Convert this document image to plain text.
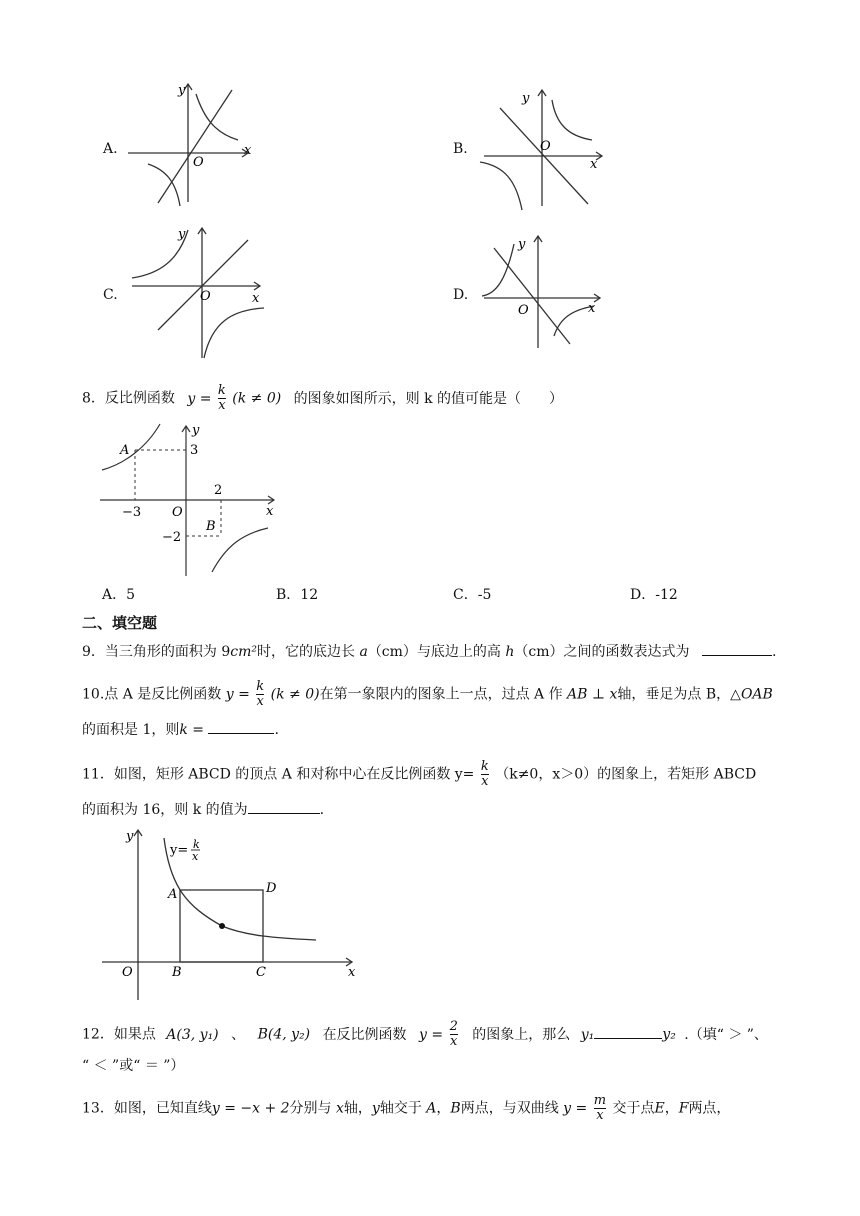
A.
y
x
O
B.
y
x
O
C.
y
x
O	D.
y
x
O
8．反比例函数 $y = \frac{k}{x} (k \ne 0)$ 的图象如图所示，则 k 的值可能是（　　）
A	3
2
−3 O	x
y
B
−2
A．5	B．12	C．-5	D．-12
二、填空题
9．当三角形的面积为 9cm²时，它的底边长 a（cm）与底边上的高 h（cm）之间的函数表达式为	.
10.点 A 是反比例函数 $y = \frac{k}{x} (k \ne 0)$在第一象限内的图象上一点，过点 A 作 AB ⊥ x轴，垂足为点 B，△OAB
的面积是 1，则k =	.
11．如图，矩形 ABCD 的顶点 A 和对称中心在反比例函数 $y= \frac{k}{x} (k\ne 0$，x＞0）的图象上，若矩形 ABCD
的面积为 16，则 k 的值为	.
y
x
O
y= k
x
A	D
B	C
12．如果点 A(3, y₁) 、 B(4, y₂) 在反比例函数 $y = \frac{2}{x}$ 的图象上，那么 y₁	y₂ .（填“ ＞ ”、
“ ＜ ”或“ ＝ ”）
13．如图，已知直线y = −x + 2分别与 x轴，y轴交于 A，B两点，与双曲线 $y = \frac{m}{x}$ 交于点E，F两点，
